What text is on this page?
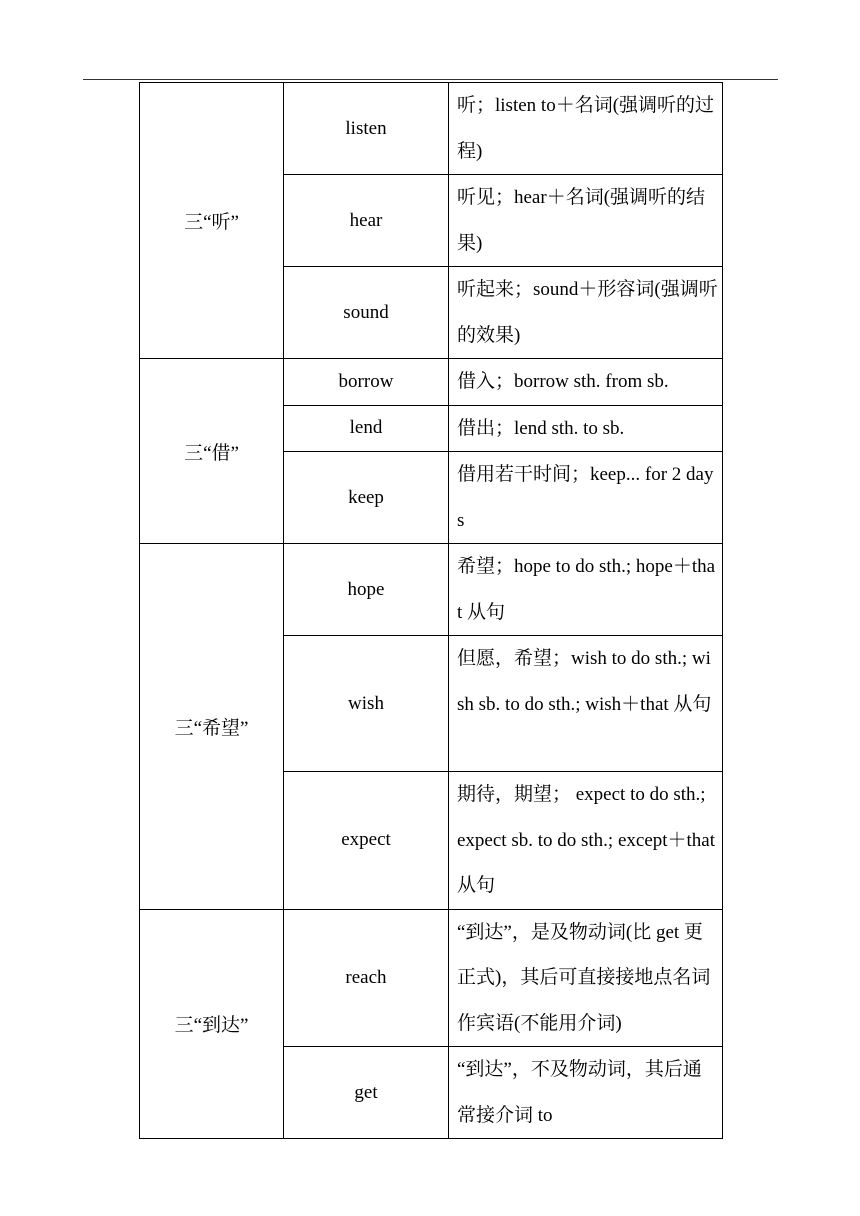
三“听”	listen	听；listen to＋名词(强调听的过程)
	hear	听见；hear＋名词(强调听的结果)
	sound	听起来；sound＋形容词(强调听的效果)
三“借”	borrow	借入；borrow sth. from sb.
	lend	借出；lend sth. to sb.
	keep	借用若干时间；keep... for 2 days
三“希望”	hope	希望；hope to do sth.; hope＋that 从句
	wish	但愿，希望；wish to do sth.; wish sb. to do sth.; wish＋that 从句
	expect	期待，期望； expect to do sth.; expect sb. to do sth.; except＋that 从句
三“到达”	reach	“到达”，是及物动词(比 get 更正式)，其后可直接接地点名词作宾语(不能用介词)
	get	“到达”，不及物动词，其后通常接介词 to
